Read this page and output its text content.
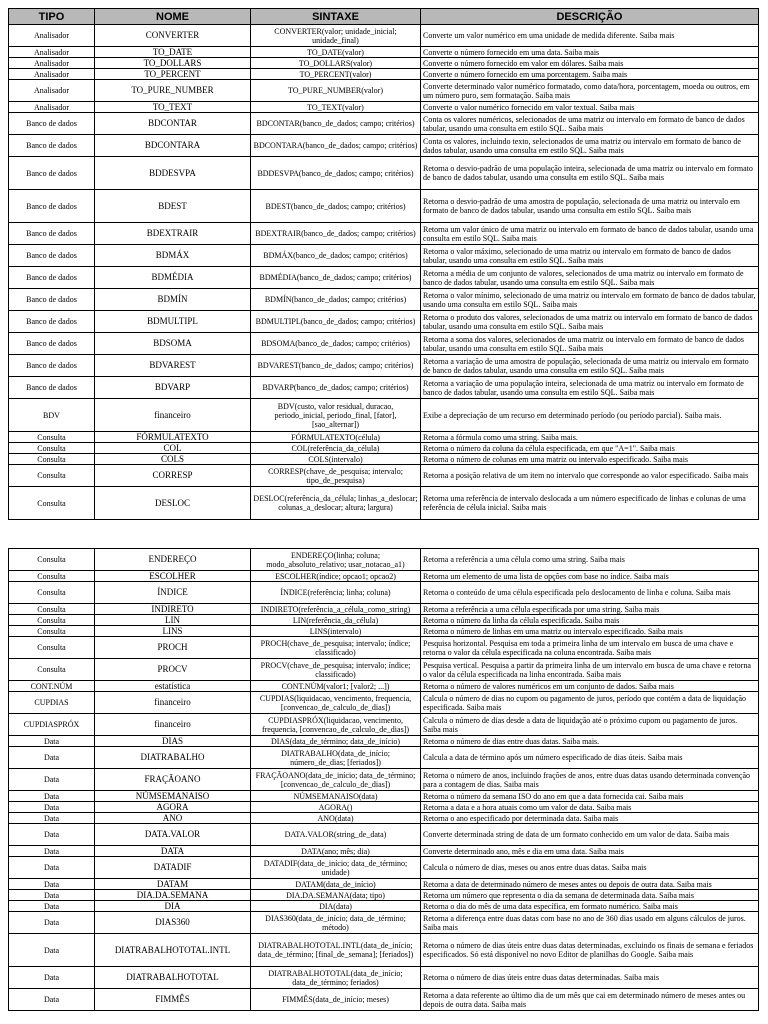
TIPO	NOME	SINTAXE	DESCRIÇÃO
Analisador	CONVERTER	CONVERTER(valor; unidade_inicial; unidade_final)	Converte um valor numérico em uma unidade de medida diferente. Saiba mais
Analisador	TO_DATE	TO_DATE(valor)	Converte o número fornecido em uma data. Saiba mais
Analisador	TO_DOLLARS	TO_DOLLARS(valor)	Converte o número fornecido em valor em dólares. Saiba mais
Analisador	TO_PERCENT	TO_PERCENT(valor)	Converte o número fornecido em uma porcentagem. Saiba mais
Analisador	TO_PURE_NUMBER	TO_PURE_NUMBER(valor)	Converte determinado valor numérico formatado, como data/hora, porcentagem, moeda ou outros, em um número puro, sem formatação. Saiba mais
Analisador	TO_TEXT	TO_TEXT(valor)	Converte o valor numérico fornecido em valor textual. Saiba mais
Banco de dados	BDCONTAR	BDCONTAR(banco_de_dados; campo; critérios)	Conta os valores numéricos, selecionados de uma matriz ou intervalo em formato de banco de dados tabular, usando uma consulta em estilo SQL. Saiba mais
Banco de dados	BDCONTARA	BDCONTARA(banco_de_dados; campo; critérios)	Conta os valores, incluindo texto, selecionados de uma matriz ou intervalo em formato de banco de dados tabular, usando uma consulta em estilo SQL. Saiba mais
Banco de dados	BDDESVPA	BDDESVPA(banco_de_dados; campo; critérios)	Retorna o desvio-padrão de uma população inteira, selecionada de uma matriz ou intervalo em formato de banco de dados tabular, usando uma consulta em estilo SQL. Saiba mais
Banco de dados	BDEST	BDEST(banco_de_dados; campo; critérios)	Retorna o desvio-padrão de uma amostra de população, selecionada de uma matriz ou intervalo em formato de banco de dados tabular, usando uma consulta em estilo SQL. Saiba mais
Banco de dados	BDEXTRAIR	BDEXTRAIR(banco_de_dados; campo; critérios)	Retorna um valor único de uma matriz ou intervalo em formato de banco de dados tabular, usando uma consulta em estilo SQL. Saiba mais
Banco de dados	BDMÁX	BDMÁX(banco_de_dados; campo; critérios)	Retorna o valor máximo, selecionado de uma matriz ou intervalo em formato de banco de dados tabular, usando uma consulta em estilo SQL. Saiba mais
Banco de dados	BDMÉDIA	BDMÉDIA(banco_de_dados; campo; critérios)	Retorna a média de um conjunto de valores, selecionados de uma matriz ou intervalo em formato de banco de dados tabular, usando uma consulta em estilo SQL. Saiba mais
Banco de dados	BDMÍN	BDMÍN(banco_de_dados; campo; critérios)	Retorna o valor mínimo, selecionado de uma matriz ou intervalo em formato de banco de dados tabular, usando uma consulta em estilo SQL. Saiba mais
Banco de dados	BDMULTIPL	BDMULTIPL(banco_de_dados; campo; critérios)	Retorna o produto dos valores, selecionados de uma matriz ou intervalo em formato de banco de dados tabular, usando uma consulta em estilo SQL. Saiba mais
Banco de dados	BDSOMA	BDSOMA(banco_de_dados; campo; critérios)	Retorna a soma dos valores, selecionados de uma matriz ou intervalo em formato de banco de dados tabular, usando uma consulta em estilo SQL. Saiba mais
Banco de dados	BDVAREST	BDVAREST(banco_de_dados; campo; critérios)	Retorna a variação de uma amostra de população, selecionada de uma matriz ou intervalo em formato de banco de dados tabular, usando uma consulta em estilo SQL. Saiba mais
Banco de dados	BDVARP	BDVARP(banco_de_dados; campo; critérios)	Retorna a variação de uma população inteira, selecionada de uma matriz ou intervalo em formato de banco de dados tabular, usando uma consulta em estilo SQL. Saiba mais
BDV	financeiro	BDV(custo, valor residual, duracao, periodo_inicial, periodo_final, [fator], [sao_alternar])	Exibe a depreciação de um recurso em determinado período (ou período parcial). Saiba mais.
Consulta	FÓRMULATEXTO	FÓRMULATEXTO(célula)	Retorna a fórmula como uma string. Saiba mais.
Consulta	COL	COL(referência_da_célula)	Retorna o número da coluna da célula especificada, em que "A=1". Saiba mais
Consulta	COLS	COLS(intervalo)	Retorna o número de colunas em uma matriz ou intervalo especificado. Saiba mais
Consulta	CORRESP	CORRESP(chave_de_pesquisa; intervalo; tipo_de_pesquisa)	Retorna a posição relativa de um item no intervalo que corresponde ao valor especificado. Saiba mais
Consulta	DESLOC	DESLOC(referência_da_célula; linhas_a_deslocar; colunas_a_deslocar; altura; largura)	Retorna uma referência de intervalo deslocada a um número especificado de linhas e colunas de uma referência de célula inicial. Saiba mais
Consulta	ENDEREÇO	ENDEREÇO(linha; coluna; modo_absoluto_relativo; usar_notacao_a1)	Retorna a referência a uma célula como uma string. Saiba mais
Consulta	ESCOLHER	ESCOLHER(índice; opcao1; opcao2)	Retorna um elemento de uma lista de opções com base no índice. Saiba mais
Consulta	ÍNDICE	ÍNDICE(referência; linha; coluna)	Retorna o conteúdo de uma célula especificada pelo deslocamento de linha e coluna. Saiba mais
Consulta	INDIRETO	INDIRETO(referência_a_célula_como_string)	Retorna a referência a uma célula especificada por uma string. Saiba mais
Consulta	LIN	LIN(referência_da_célula)	Retorna o número da linha da célula especificada. Saiba mais
Consulta	LINS	LINS(intervalo)	Retorna o número de linhas em uma matriz ou intervalo especificado. Saiba mais
Consulta	PROCH	PROCH(chave_de_pesquisa; intervalo; índice; classificado)	Pesquisa horizontal. Pesquisa em toda a primeira linha de um intervalo em busca de uma chave e retorna o valor da célula especificada na coluna encontrada. Saiba mais
Consulta	PROCV	PROCV(chave_de_pesquisa; intervalo; índice; classificado)	Pesquisa vertical. Pesquisa a partir da primeira linha de um intervalo em busca de uma chave e retorna o valor da célula especificada na linha encontrada. Saiba mais
CONT.NÚM	estatística	CONT.NÚM(valor1; [valor2; ...])	Retorna o número de valores numéricos em um conjunto de dados. Saiba mais
CUPDIAS	financeiro	CUPDIAS(liquidacao, vencimento, frequencia, [convencao_de_calculo_de_dias])	Calcula o número de dias no cupom ou pagamento de juros, período que contém a data de liquidação especificada. Saiba mais
CUPDIASPRÓX	financeiro	CUPDIASPRÓX(liquidacao, vencimento, frequencia, [convencao_de_calculo_de_dias])	Calcula o número de dias desde a data de liquidação até o próximo cupom ou pagamento de juros. Saiba mais
Data	DIAS	DIAS(data_de_término; data_de_início)	Retorna o número de dias entre duas datas. Saiba mais.
Data	DIATRABALHO	DIATRABALHO(data_de_início; número_de_dias; [feriados])	Calcula a data de término após um número especificado de dias úteis. Saiba mais
Data	FRAÇÃOANO	FRAÇÃOANO(data_de_início; data_de_término; [convencao_de_calculo_de_dias])	Retorna o número de anos, incluindo frações de anos, entre duas datas usando determinada convenção para a contagem de dias. Saiba mais
Data	NÚMSEMANAISO	NÚMSEMANAISO(data)	Retorna o número da semana ISO do ano em que a data fornecida cai. Saiba mais
Data	AGORA	AGORA()	Retorna a data e a hora atuais como um valor de data. Saiba mais
Data	ANO	ANO(data)	Retorna o ano especificado por determinada data. Saiba mais
Data	DATA.VALOR	DATA.VALOR(string_de_data)	Converte determinada string de data de um formato conhecido em um valor de data. Saiba mais
Data	DATA	DATA(ano; mês; dia)	Converte determinado ano, mês e dia em uma data. Saiba mais
Data	DATADIF	DATADIF(data_de_início; data_de_término; unidade)	Calcula o número de dias, meses ou anos entre duas datas. Saiba mais
Data	DATAM	DATAM(data_de_início)	Retorna a data de determinado número de meses antes ou depois de outra data. Saiba mais
Data	DIA.DA.SEMANA	DIA.DA.SEMANA(data; tipo)	Retorna um número que representa o dia da semana de determinada data. Saiba mais
Data	DIA	DIA(data)	Retorna o dia do mês de uma data específica, em formato numérico. Saiba mais
Data	DIAS360	DIAS360(data_de_início; data_de_término; método)	Retorna a diferença entre duas datas com base no ano de 360 dias usado em alguns cálculos de juros. Saiba mais
Data	DIATRABALHOTOTAL.INTL	DIATRABALHOTOTAL.INTL(data_de_início; data_de_término; [final_de_semana]; [feriados])	Retorna o número de dias úteis entre duas datas determinadas, excluindo os finais de semana e feriados especificados. Só está disponível no novo Editor de planilhas do Google. Saiba mais
Data	DIATRABALHOTOTAL	DIATRABALHOTOTAL(data_de_início; data_de_término; feriados)	Retorna o número de dias úteis entre duas datas determinadas. Saiba mais
Data	FIMMÊS	FIMMÊS(data_de_início; meses)	Retorna a data referente ao último dia de um mês que cai em determinado número de meses antes ou depois de outra data. Saiba mais
